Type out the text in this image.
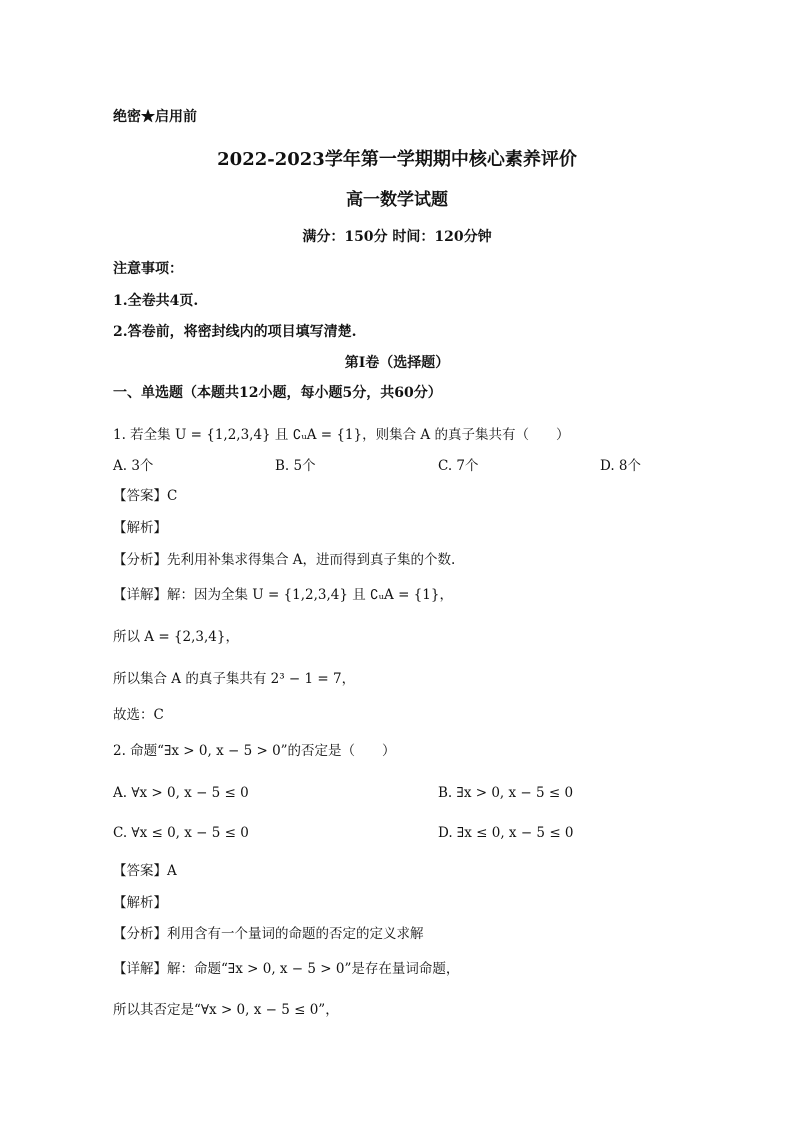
绝密★启用前
2022-2023学年第一学期期中核心素养评价
高一数学试题
满分：150分 时间：120分钟
注意事项：
1.全卷共4页.
2.答卷前，将密封线内的项目填写清楚.
第Ⅰ卷（选择题）
一、单选题（本题共12小题，每小题5分，共60分）
1. 若全集 U = {1,2,3,4} 且 ∁ᵤA = {1}，则集合 A 的真子集共有（　　）
A. 3个	B. 5个	C. 7个	D. 8个
【答案】C
【解析】
【分析】先利用补集求得集合 A，进而得到真子集的个数.
【详解】解：因为全集 U = {1,2,3,4} 且 ∁ᵤA = {1}，
所以 A = {2,3,4}，
所以集合 A 的真子集共有 2³ − 1 = 7，
故选：C
2. 命题“∃x > 0, x − 5 > 0”的否定是（　　）
A. ∀x > 0, x − 5 ≤ 0	B. ∃x > 0, x − 5 ≤ 0
C. ∀x ≤ 0, x − 5 ≤ 0	D. ∃x ≤ 0, x − 5 ≤ 0
【答案】A
【解析】
【分析】利用含有一个量词的命题的否定的定义求解
【详解】解：命题“∃x > 0, x − 5 > 0”是存在量词命题，
所以其否定是“∀x > 0, x − 5 ≤ 0”，
